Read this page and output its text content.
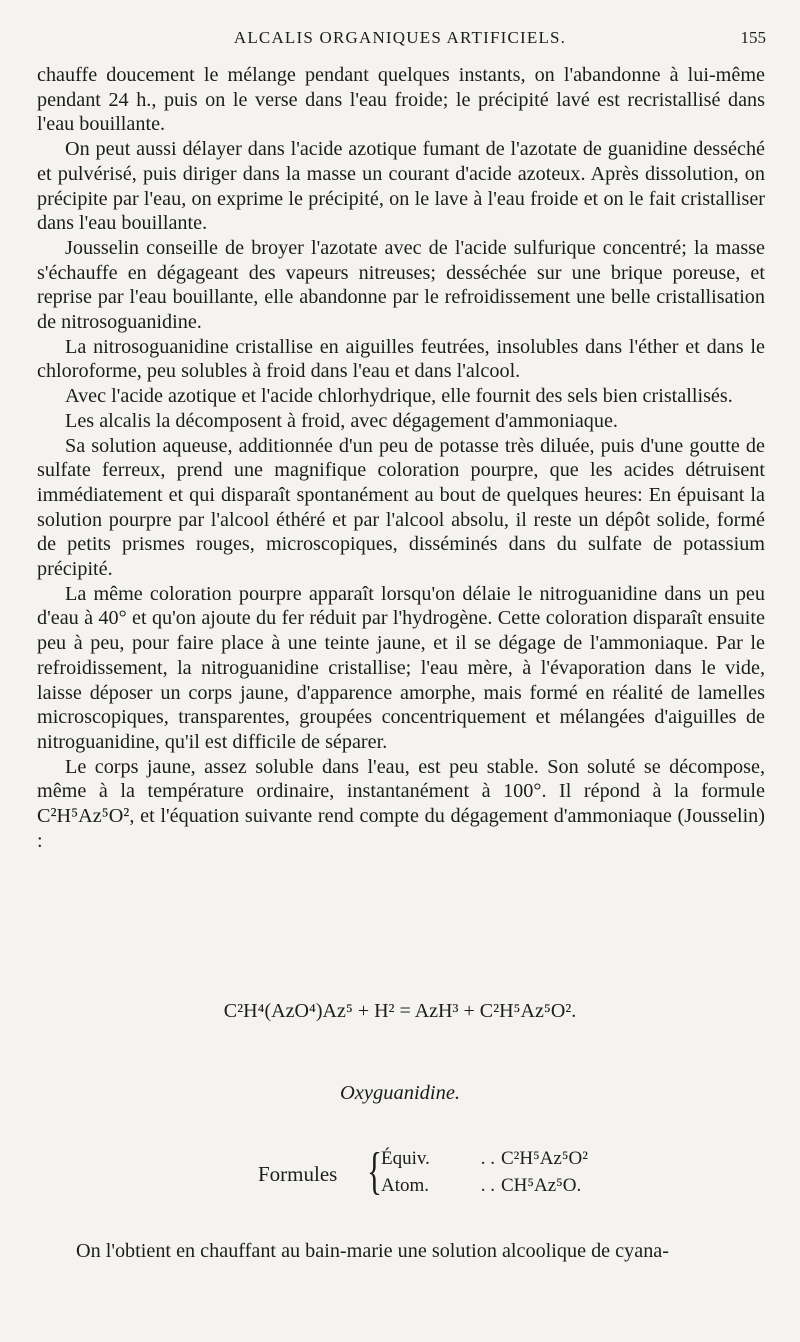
ALCALIS ORGANIQUES ARTIFICIELS.	155

chauffe doucement le mélange pendant quelques instants, on l'abandonne à lui-même pendant 24 h., puis on le verse dans l'eau froide; le précipité lavé est recristallisé dans l'eau bouillante.

On peut aussi délayer dans l'acide azotique fumant de l'azotate de guanidine desséché et pulvérisé, puis diriger dans la masse un courant d'acide azoteux. Après dissolution, on précipite par l'eau, on exprime le précipité, on le lave à l'eau froide et on le fait cristalliser dans l'eau bouillante.

Jousselin conseille de broyer l'azotate avec de l'acide sulfurique concentré; la masse s'échauffe en dégageant des vapeurs nitreuses; desséchée sur une brique poreuse, et reprise par l'eau bouillante, elle abandonne par le refroidissement une belle cristallisation de nitrosoguanidine.

La nitrosoguanidine cristallise en aiguilles feutrées, insolubles dans l'éther et dans le chloroforme, peu solubles à froid dans l'eau et dans l'alcool.

Avec l'acide azotique et l'acide chlorhydrique, elle fournit des sels bien cristallisés.

Les alcalis la décomposent à froid, avec dégagement d'ammoniaque.

Sa solution aqueuse, additionnée d'un peu de potasse très diluée, puis d'une goutte de sulfate ferreux, prend une magnifique coloration pourpre, que les acides détruisent immédiatement et qui disparaît spontanément au bout de quelques heures: En épuisant la solution pourpre par l'alcool éthéré et par l'alcool absolu, il reste un dépôt solide, formé de petits prismes rouges, microscopiques, disséminés dans du sulfate de potassium précipité.

La même coloration pourpre apparaît lorsqu'on délaie le nitroguanidine dans un peu d'eau à 40° et qu'on ajoute du fer réduit par l'hydrogène. Cette coloration disparaît ensuite peu à peu, pour faire place à une teinte jaune, et il se dégage de l'ammoniaque. Par le refroidissement, la nitroguanidine cristallise; l'eau mère, à l'évaporation dans le vide, laisse déposer un corps jaune, d'apparence amorphe, mais formé en réalité de lamelles microscopiques, transparentes, groupées concentriquement et mélangées d'aiguilles de nitroguanidine, qu'il est difficile de séparer.

Le corps jaune, assez soluble dans l'eau, est peu stable. Son soluté se décompose, même à la température ordinaire, instantanément à 100°. Il répond à la formule C²H⁵Az⁵O², et l'équation suivante rend compte du dégagement d'ammoniaque (Jousselin) :

C²H⁴(AzO⁴)Az⁵ + H² = AzH³ + C²H⁵Az⁵O².
Oxyguanidine.
Formules { Équiv.	. . C²H⁵Az⁵O²
Atom.	. . CH⁵Az⁵O.
On l'obtient en chauffant au bain-marie une solution alcoolique de cyana-
